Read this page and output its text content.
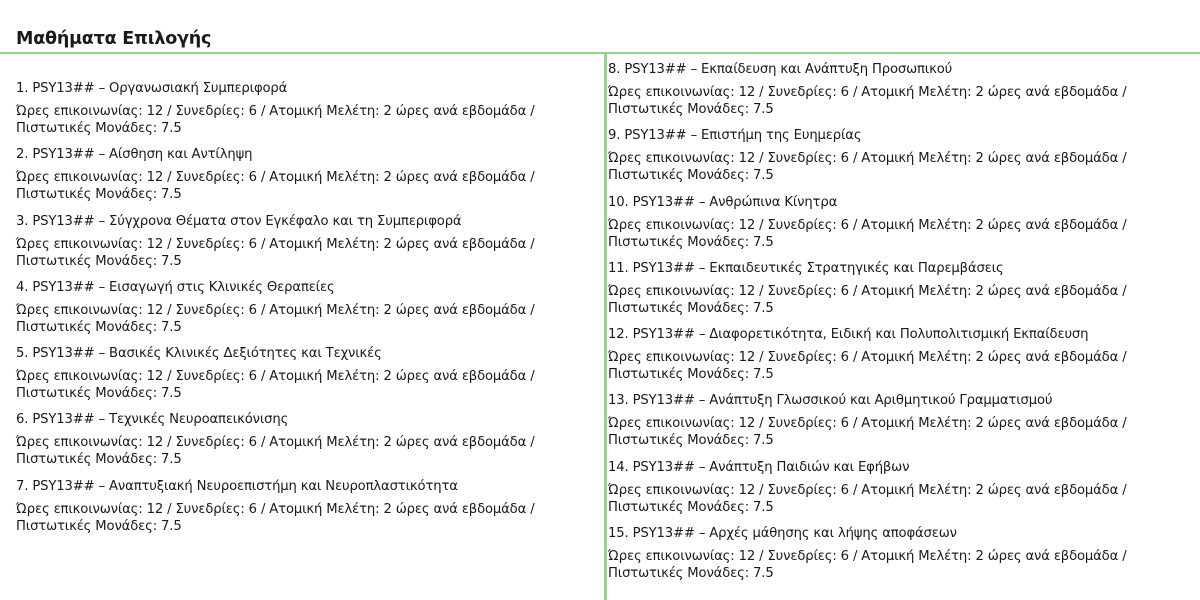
Μαθήματα Επιλογής

1. PSY13## – Οργανωσιακή Συμπεριφορά

Ώρες επικοινωνίας: 12 / Συνεδρίες: 6 / Ατομική Μελέτη: 2 ώρες ανά εβδομάδα / Πιστωτικές Μονάδες: 7.5

2. PSY13## – Αίσθηση και Αντίληψη

Ώρες επικοινωνίας: 12 / Συνεδρίες: 6 / Ατομική Μελέτη: 2 ώρες ανά εβδομάδα / Πιστωτικές Μονάδες: 7.5

3. PSY13## – Σύγχρονα Θέματα στον Εγκέφαλο και τη Συμπεριφορά

Ώρες επικοινωνίας: 12 / Συνεδρίες: 6 / Ατομική Μελέτη: 2 ώρες ανά εβδομάδα / Πιστωτικές Μονάδες: 7.5

4. PSY13## – Εισαγωγή στις Κλινικές Θεραπείες

Ώρες επικοινωνίας: 12 / Συνεδρίες: 6 / Ατομική Μελέτη: 2 ώρες ανά εβδομάδα / Πιστωτικές Μονάδες: 7.5

5. PSY13## – Βασικές Κλινικές Δεξιότητες και Τεχνικές

Ώρες επικοινωνίας: 12 / Συνεδρίες: 6 / Ατομική Μελέτη: 2 ώρες ανά εβδομάδα / Πιστωτικές Μονάδες: 7.5

6. PSY13## – Τεχνικές Νευροαπεικόνισης

Ώρες επικοινωνίας: 12 / Συνεδρίες: 6 / Ατομική Μελέτη: 2 ώρες ανά εβδομάδα / Πιστωτικές Μονάδες: 7.5

7. PSY13## – Αναπτυξιακή Νευροεπιστήμη και Νευροπλαστικότητα

Ώρες επικοινωνίας: 12 / Συνεδρίες: 6 / Ατομική Μελέτη: 2 ώρες ανά εβδομάδα / Πιστωτικές Μονάδες: 7.5

8. PSY13## – Εκπαίδευση και Ανάπτυξη Προσωπικού

Ώρες επικοινωνίας: 12 / Συνεδρίες: 6 / Ατομική Μελέτη: 2 ώρες ανά εβδομάδα / Πιστωτικές Μονάδες: 7.5

9. PSY13## – Επιστήμη της Ευημερίας

Ώρες επικοινωνίας: 12 / Συνεδρίες: 6 / Ατομική Μελέτη: 2 ώρες ανά εβδομάδα / Πιστωτικές Μονάδες: 7.5

10. PSY13## – Ανθρώπινα Κίνητρα

Ώρες επικοινωνίας: 12 / Συνεδρίες: 6 / Ατομική Μελέτη: 2 ώρες ανά εβδομάδα / Πιστωτικές Μονάδες: 7.5

11. PSY13## – Εκπαιδευτικές Στρατηγικές και Παρεμβάσεις

Ώρες επικοινωνίας: 12 / Συνεδρίες: 6 / Ατομική Μελέτη: 2 ώρες ανά εβδομάδα / Πιστωτικές Μονάδες: 7.5

12. PSY13## – Διαφορετικότητα, Ειδική και Πολυπολιτισμική Εκπαίδευση

Ώρες επικοινωνίας: 12 / Συνεδρίες: 6 / Ατομική Μελέτη: 2 ώρες ανά εβδομάδα / Πιστωτικές Μονάδες: 7.5

13. PSY13## – Ανάπτυξη Γλωσσικού και Αριθμητικού Γραμματισμού

Ώρες επικοινωνίας: 12 / Συνεδρίες: 6 / Ατομική Μελέτη: 2 ώρες ανά εβδομάδα / Πιστωτικές Μονάδες: 7.5

14. PSY13## – Ανάπτυξη Παιδιών και Εφήβων

Ώρες επικοινωνίας: 12 / Συνεδρίες: 6 / Ατομική Μελέτη: 2 ώρες ανά εβδομάδα / Πιστωτικές Μονάδες: 7.5

15. PSY13## – Αρχές μάθησης και λήψης αποφάσεων

Ώρες επικοινωνίας: 12 / Συνεδρίες: 6 / Ατομική Μελέτη: 2 ώρες ανά εβδομάδα / Πιστωτικές Μονάδες: 7.5
